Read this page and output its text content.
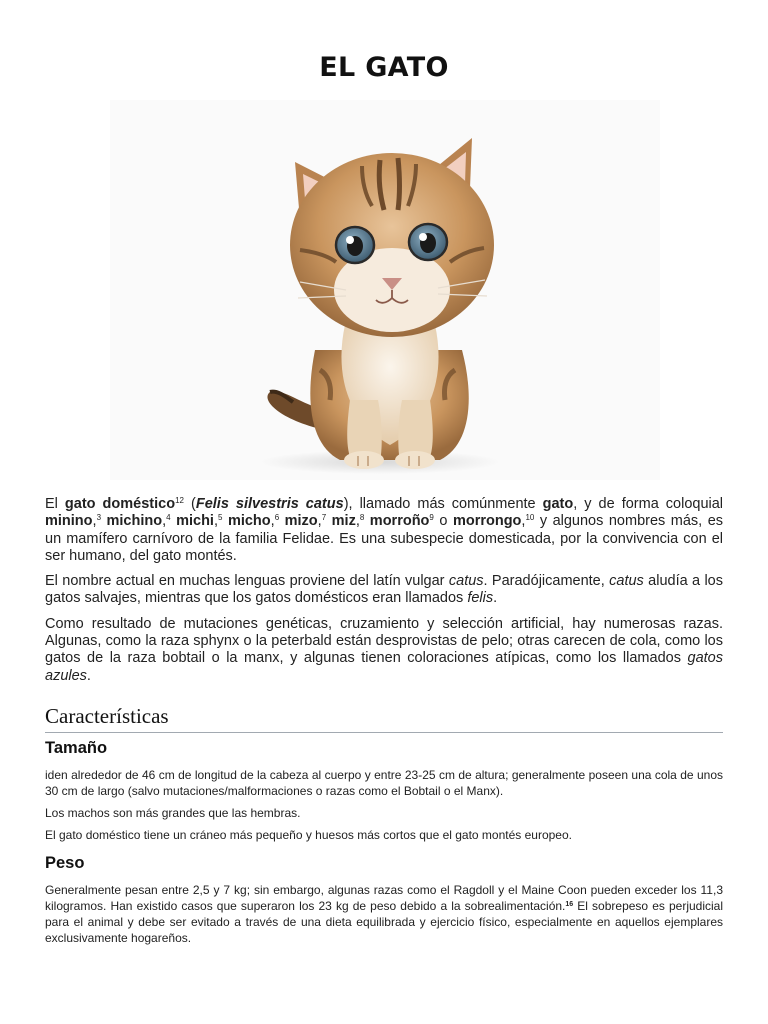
EL GATO

El gato doméstico$^{12}$ (Felis silvestris catus), llamado más comúnmente gato, y de forma coloquial minino,$^3$ michino,$^4$ michi,$^5$ micho,$^6$ mizo,$^7$ miz,$^8$ morroño$^9$ o morrongo,$^{10}$ y algunos nombres más, es un mamífero carnívoro de la familia Felidae. Es una subespecie domesticada, por la convivencia con el ser humano, del gato montés.

El nombre actual en muchas lenguas proviene del latín vulgar catus. Paradójicamente, catus aludía a los gatos salvajes, mientras que los gatos domésticos eran llamados felis.

Como resultado de mutaciones genéticas, cruzamiento y selección artificial, hay numerosas razas. Algunas, como la raza sphynx o la peterbald están desprovistas de pelo; otras carecen de cola, como los gatos de la raza bobtail o la manx, y algunas tienen coloraciones atípicas, como los llamados gatos azules.

Características
Tamaño

iden alrededor de 46 cm de longitud de la cabeza al cuerpo y entre 23-25 cm de altura; generalmente poseen una cola de unos 30 cm de largo (salvo mutaciones/malformaciones o razas como el Bobtail o el Manx).

Los machos son más grandes que las hembras.

El gato doméstico tiene un cráneo más pequeño y huesos más cortos que el gato montés europeo.

Peso

Generalmente pesan entre 2,5 y 7 kg; sin embargo, algunas razas como el Ragdoll y el Maine Coon pueden exceder los 11,3 kilogramos. Han existido casos que superaron los 23 kg de peso debido a la sobrealimentación.$^{16}$ El sobrepeso es perjudicial para el animal y debe ser evitado a través de una dieta equilibrada y ejercicio físico, especialmente en aquellos ejemplares exclusivamente hogareños.
